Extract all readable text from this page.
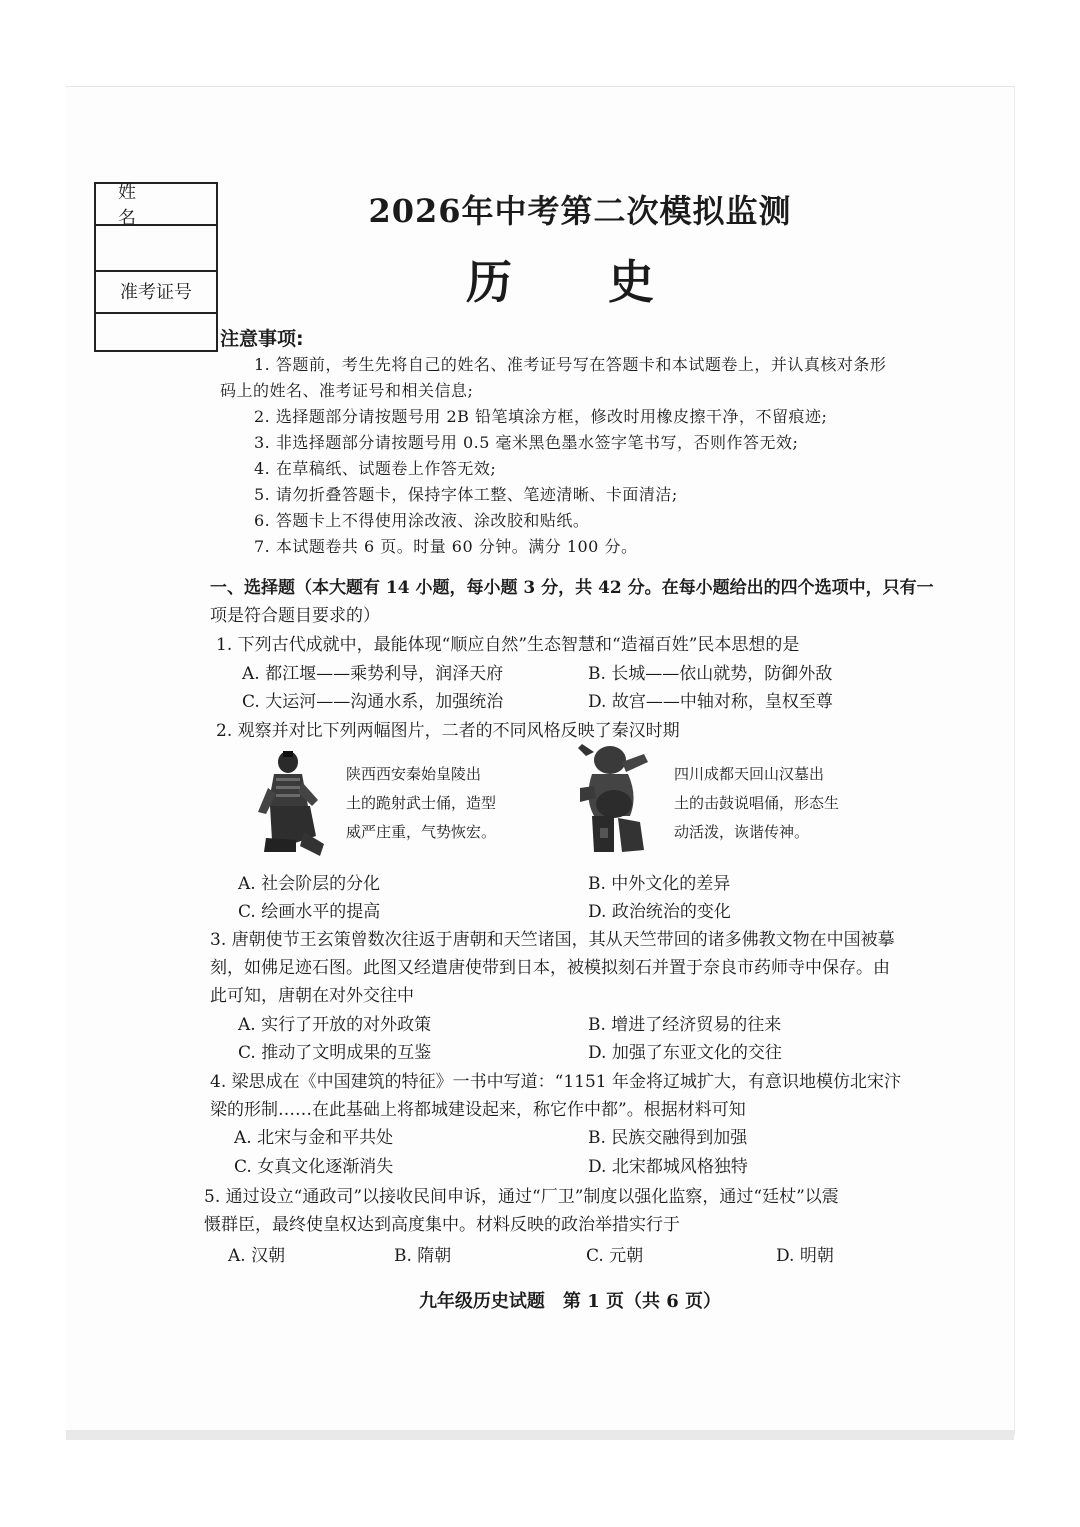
姓 名
准考证号
2026年中考第二次模拟监测
历 史
注意事项:
1. 答题前，考生先将自己的姓名、准考证号写在答题卡和本试题卷上，并认真核对条形
码上的姓名、准考证号和相关信息;
2. 选择题部分请按题号用 2B 铅笔填涂方框，修改时用橡皮擦干净，不留痕迹;
3. 非选择题部分请按题号用 0.5 毫米黑色墨水签字笔书写，否则作答无效;
4. 在草稿纸、试题卷上作答无效;
5. 请勿折叠答题卡，保持字体工整、笔迹清晰、卡面清洁;
6. 答题卡上不得使用涂改液、涂改胶和贴纸。
7. 本试题卷共 6 页。时量 60 分钟。满分 100 分。
一、选择题（本大题有 14 小题，每小题 3 分，共 42 分。在每小题给出的四个选项中，只有一
项是符合题目要求的）
1. 下列古代成就中，最能体现“顺应自然”生态智慧和“造福百姓”民本思想的是
A. 都江堰——乘势利导，润泽天府	B. 长城——依山就势，防御外敌
C. 大运河——沟通水系，加强统治	D. 故宫——中轴对称，皇权至尊
2. 观察并对比下列两幅图片，二者的不同风格反映了秦汉时期
陕西西安秦始皇陵出
土的跪射武士俑，造型
威严庄重，气势恢宏。
四川成都天回山汉墓出
土的击鼓说唱俑，形态生
动活泼，诙谐传神。
A. 社会阶层的分化	B. 中外文化的差异
C. 绘画水平的提高	D. 政治统治的变化
3. 唐朝使节王玄策曾数次往返于唐朝和天竺诸国，其从天竺带回的诸多佛教文物在中国被摹
刻，如佛足迹石图。此图又经遣唐使带到日本，被模拟刻石并置于奈良市药师寺中保存。由
此可知，唐朝在对外交往中
A. 实行了开放的对外政策	B. 增进了经济贸易的往来
C. 推动了文明成果的互鉴	D. 加强了东亚文化的交往
4. 梁思成在《中国建筑的特征》一书中写道：“1151 年金将辽城扩大，有意识地模仿北宋汴
梁的形制……在此基础上将都城建设起来，称它作中都”。根据材料可知
A. 北宋与金和平共处	B. 民族交融得到加强
C. 女真文化逐渐消失	D. 北宋都城风格独特
5. 通过设立“通政司”以接收民间申诉，通过“厂卫”制度以强化监察，通过“廷杖”以震
慑群臣，最终使皇权达到高度集中。材料反映的政治举措实行于
A. 汉朝	B. 隋朝	C. 元朝	D. 明朝
九年级历史试题　第 1 页（共 6 页）
